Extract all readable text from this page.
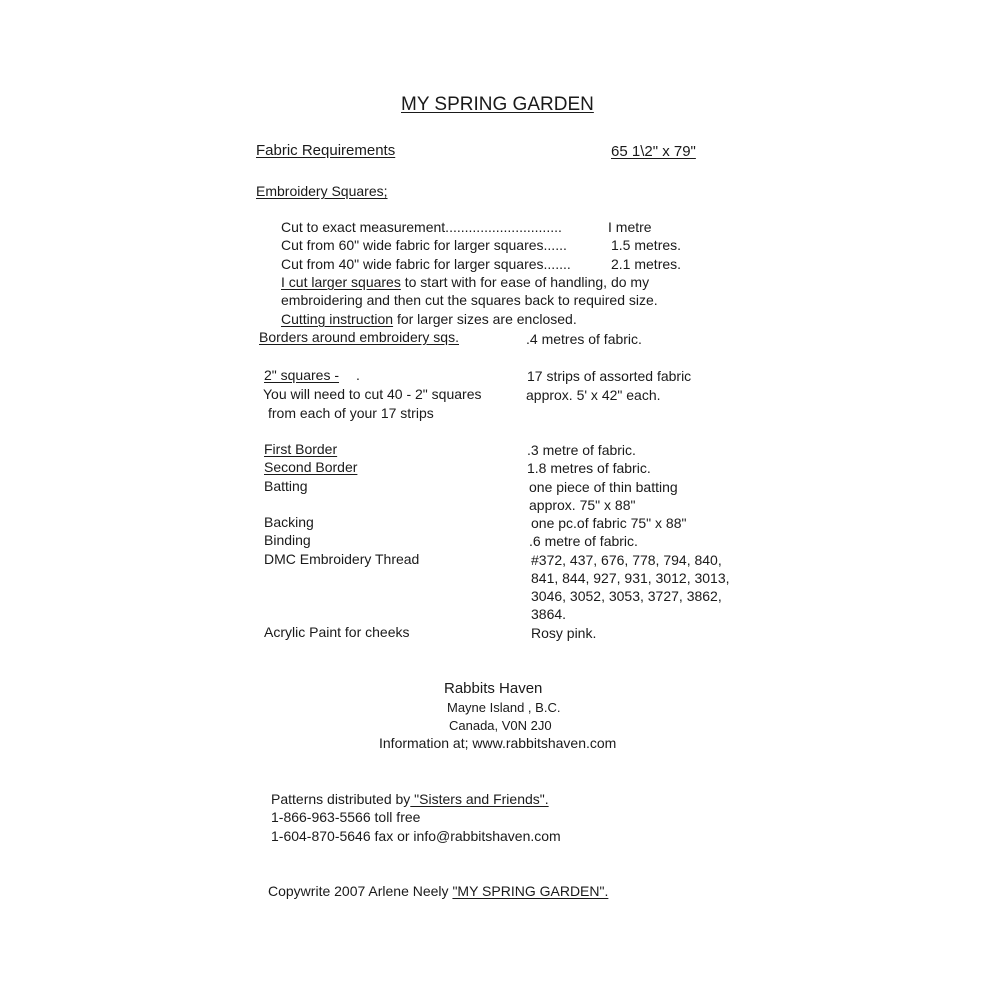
MY SPRING GARDEN
Fabric Requirements	65 1\2" x 79"
Embroidery Squares;
Cut to exact measurement..............................	I metre
Cut from 60" wide fabric for larger squares......	1.5 metres.
Cut from 40" wide fabric for larger squares.......	2.1 metres.
I cut larger squares to start with for ease of handling, do my
embroidering and then cut the squares back to required size.
Cutting instruction for larger sizes are enclosed.
Borders around embroidery sqs.	.4 metres of fabric.
2" squares - .	17 strips of assorted fabric
You will need to cut 40 - 2" squares	approx. 5' x 42" each.
from each of your 17 strips
First Border	.3 metre of fabric.
Second Border	1.8 metres of fabric.
Batting	one piece of thin batting
approx. 75" x 88"
Backing	one pc.of fabric 75" x 88"
Binding	.6 metre of fabric.
DMC Embroidery Thread	#372, 437, 676, 778, 794, 840,
841, 844, 927, 931, 3012, 3013,
3046, 3052, 3053, 3727, 3862,
3864.
Acrylic Paint for cheeks	Rosy pink.
Rabbits Haven
Mayne Island , B.C.
Canada, V0N 2J0
Information at; www.rabbitshaven.com
Patterns distributed by "Sisters and Friends".
1-866-963-5566 toll free
1-604-870-5646 fax or info@rabbitshaven.com
Copywrite 2007 Arlene Neely "MY SPRING GARDEN".
